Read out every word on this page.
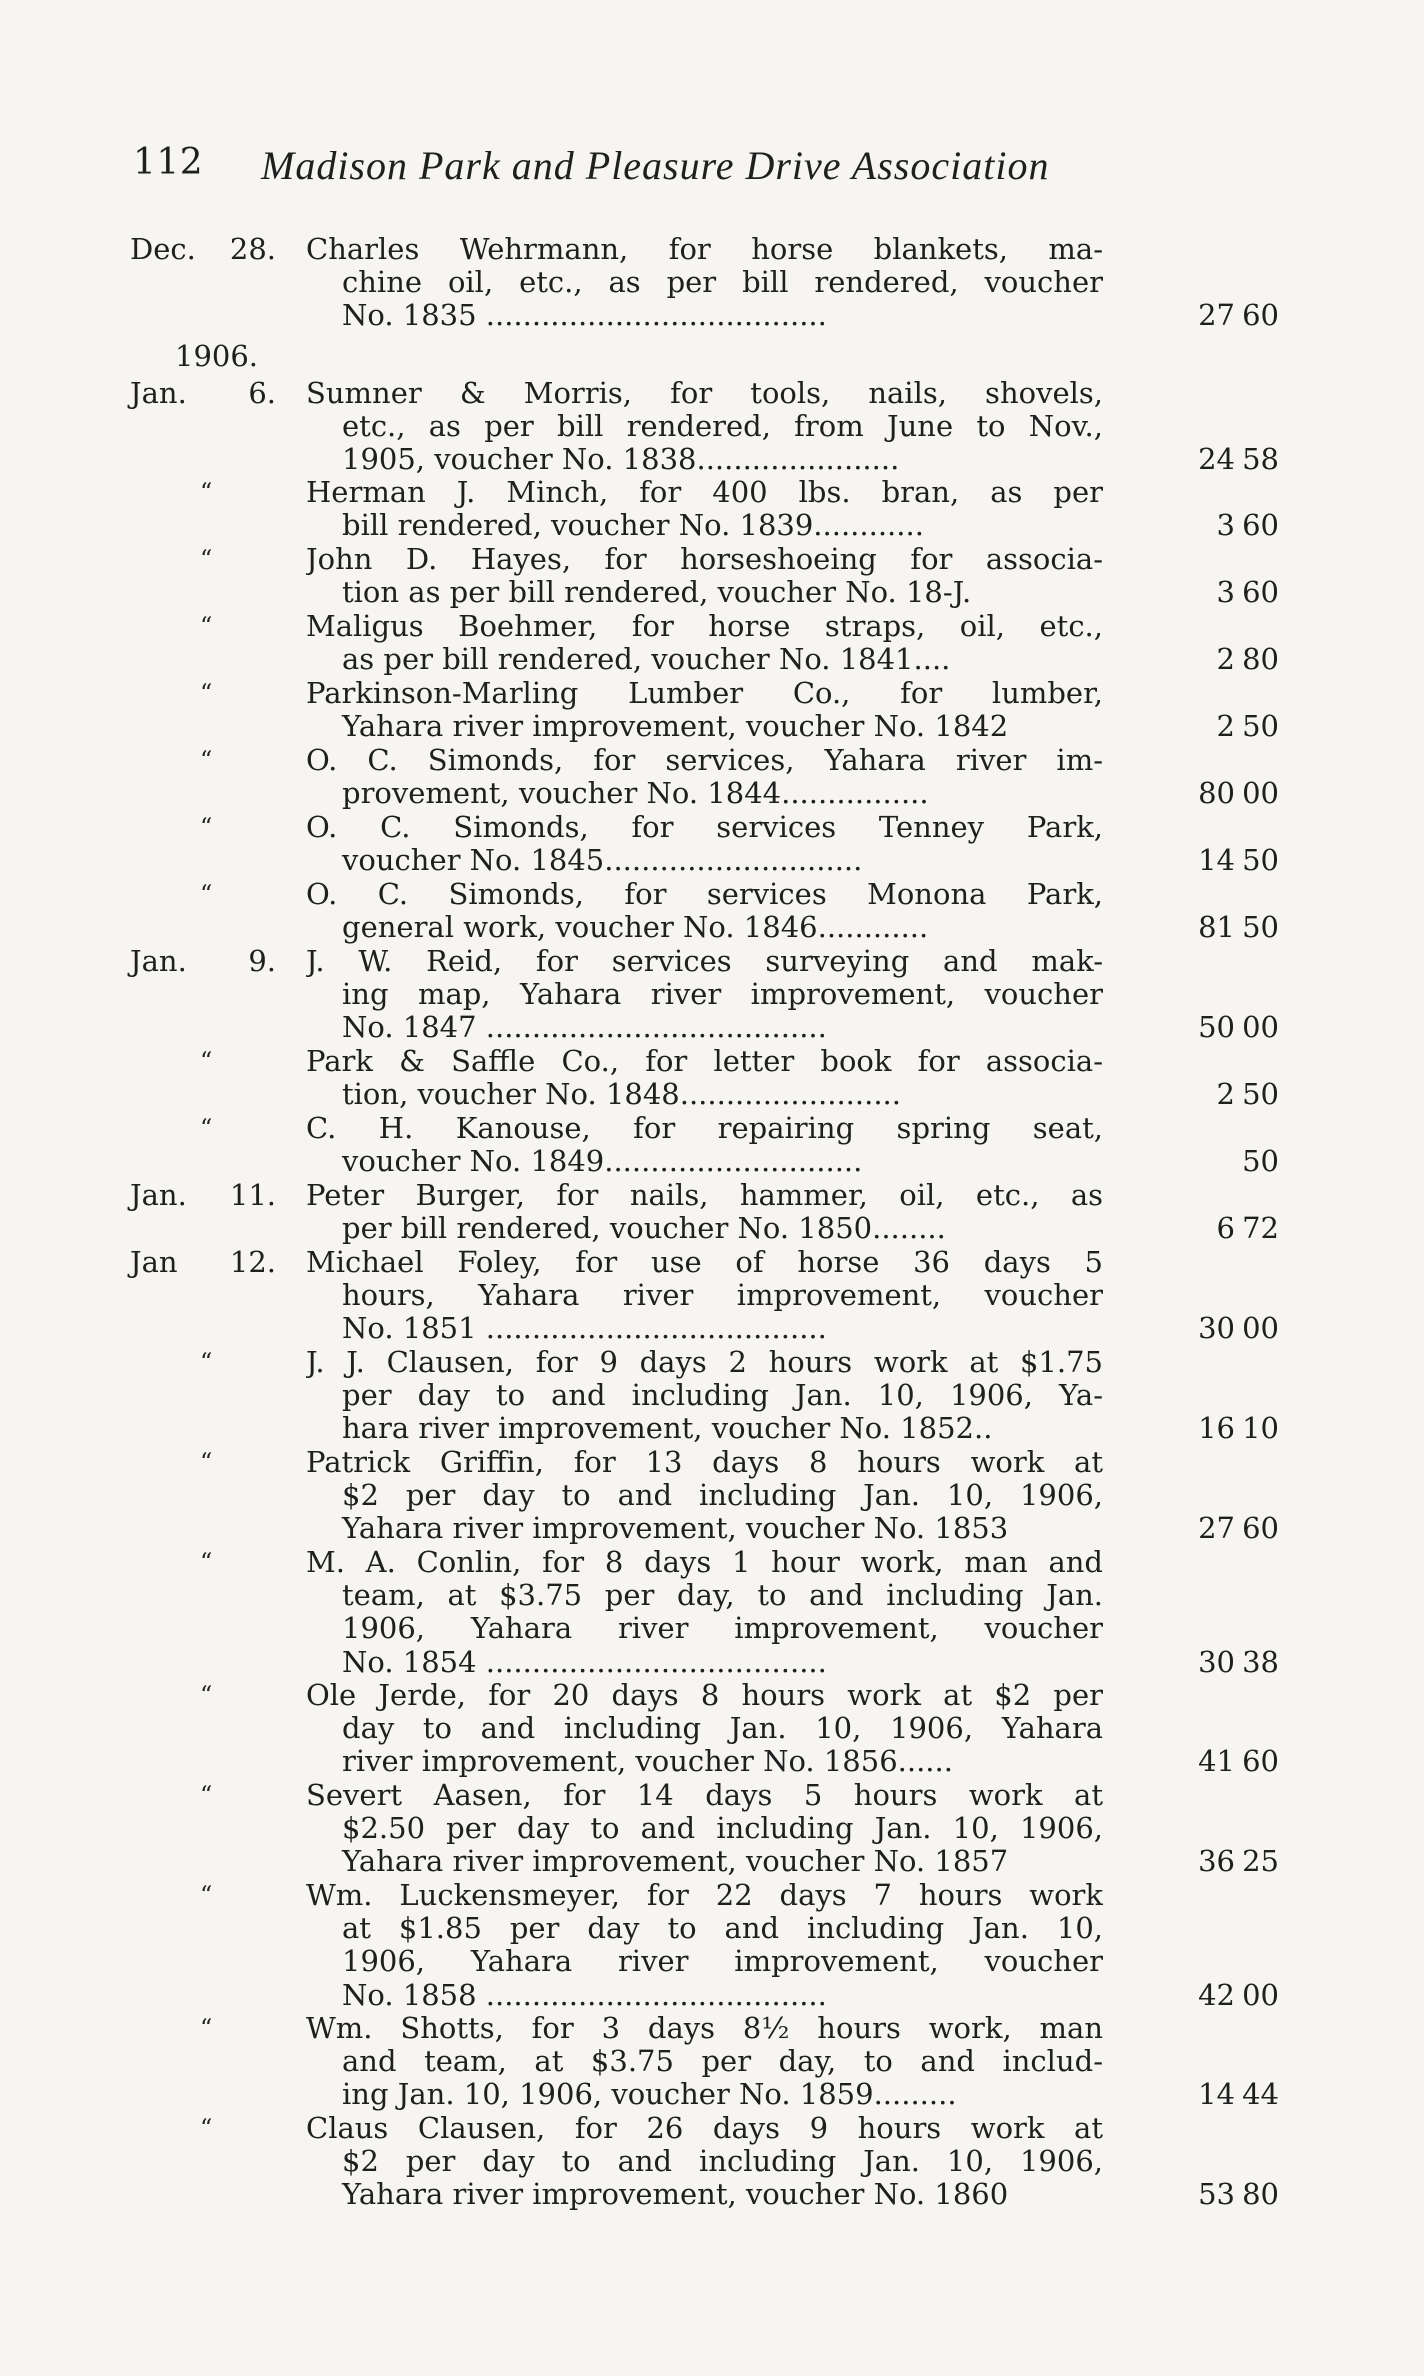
112 Madison Park and Pleasure Drive Association
1906.
Dec. 28. Charles Wehrmann, for horse blankets, ma-
chine oil, etc., as per bill rendered, voucher
No. 1835 .....................................	27 60
Jan. 6. Sumner & Morris, for tools, nails, shovels,
etc., as per bill rendered, from June to Nov.,
1905, voucher No. 1838......................	24 58
“	Herman J. Minch, for 400 lbs. bran, as per
bill rendered, voucher No. 1839............	3 60
“	John D. Hayes, for horseshoeing for associa-
tion as per bill rendered, voucher No. 18-J.	3 60
“	Maligus Boehmer, for horse straps, oil, etc.,
as per bill rendered, voucher No. 1841....	2 80
“	Parkinson-Marling Lumber Co., for lumber,
Yahara river improvement, voucher No. 1842	2 50
“	O. C. Simonds, for services, Yahara river im-
provement, voucher No. 1844................	80 00
“	O. C. Simonds, for services Tenney Park,
voucher No. 1845............................	14 50
“	O. C. Simonds, for services Monona Park,
general work, voucher No. 1846............	81 50
Jan. 9. J. W. Reid, for services surveying and mak-
ing map, Yahara river improvement, voucher
No. 1847 .....................................	50 00
“	Park & Saffle Co., for letter book for associa-
tion, voucher No. 1848........................	2 50
“	C. H. Kanouse, for repairing spring seat,
voucher No. 1849............................	50
Jan. 11. Peter Burger, for nails, hammer, oil, etc., as
per bill rendered, voucher No. 1850........	6 72
Jan 12. Michael Foley, for use of horse 36 days 5
hours, Yahara river improvement, voucher
No. 1851 .....................................	30 00
“	J. J. Clausen, for 9 days 2 hours work at $1.75
per day to and including Jan. 10, 1906, Ya-
hara river improvement, voucher No. 1852..	16 10
“	Patrick Griffin, for 13 days 8 hours work at
$2 per day to and including Jan. 10, 1906,
Yahara river improvement, voucher No. 1853	27 60
“	M. A. Conlin, for 8 days 1 hour work, man and
team, at $3.75 per day, to and including Jan.
1906, Yahara river improvement, voucher
No. 1854 .....................................	30 38
“	Ole Jerde, for 20 days 8 hours work at $2 per
day to and including Jan. 10, 1906, Yahara
river improvement, voucher No. 1856......	41 60
“	Severt Aasen, for 14 days 5 hours work at
$2.50 per day to and including Jan. 10, 1906,
Yahara river improvement, voucher No. 1857	36 25
“	Wm. Luckensmeyer, for 22 days 7 hours work
at $1.85 per day to and including Jan. 10,
1906, Yahara river improvement, voucher
No. 1858 .....................................	42 00
“	Wm. Shotts, for 3 days 8½ hours work, man
and team, at $3.75 per day, to and includ-
ing Jan. 10, 1906, voucher No. 1859.........	14 44
“	Claus Clausen, for 26 days 9 hours work at
$2 per day to and including Jan. 10, 1906,
Yahara river improvement, voucher No. 1860	53 80
